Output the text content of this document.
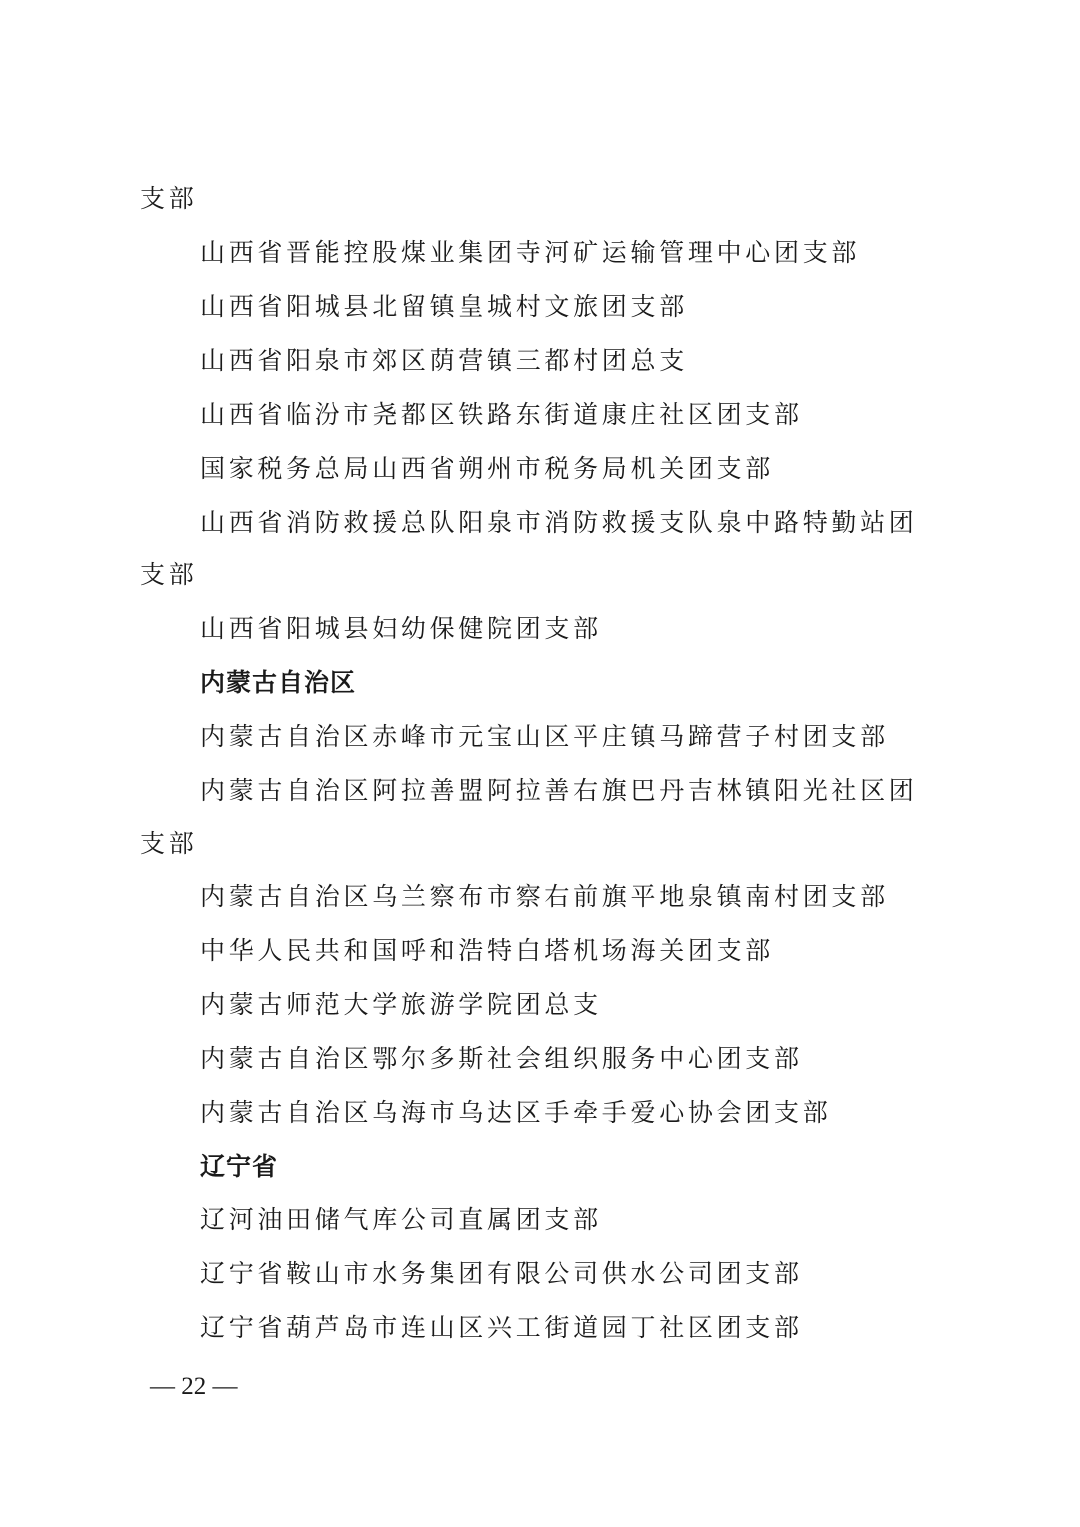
支部
山西省晋能控股煤业集团寺河矿运输管理中心团支部
山西省阳城县北留镇皇城村文旅团支部
山西省阳泉市郊区荫营镇三都村团总支
山西省临汾市尧都区铁路东街道康庄社区团支部
国家税务总局山西省朔州市税务局机关团支部
山西省消防救援总队阳泉市消防救援支队泉中路特勤站团
支部
山西省阳城县妇幼保健院团支部
内蒙古自治区
内蒙古自治区赤峰市元宝山区平庄镇马蹄营子村团支部
内蒙古自治区阿拉善盟阿拉善右旗巴丹吉林镇阳光社区团
支部
内蒙古自治区乌兰察布市察右前旗平地泉镇南村团支部
中华人民共和国呼和浩特白塔机场海关团支部
内蒙古师范大学旅游学院团总支
内蒙古自治区鄂尔多斯社会组织服务中心团支部
内蒙古自治区乌海市乌达区手牵手爱心协会团支部
辽宁省
辽河油田储气库公司直属团支部
辽宁省鞍山市水务集团有限公司供水公司团支部
辽宁省葫芦岛市连山区兴工街道园丁社区团支部
— 22 —
